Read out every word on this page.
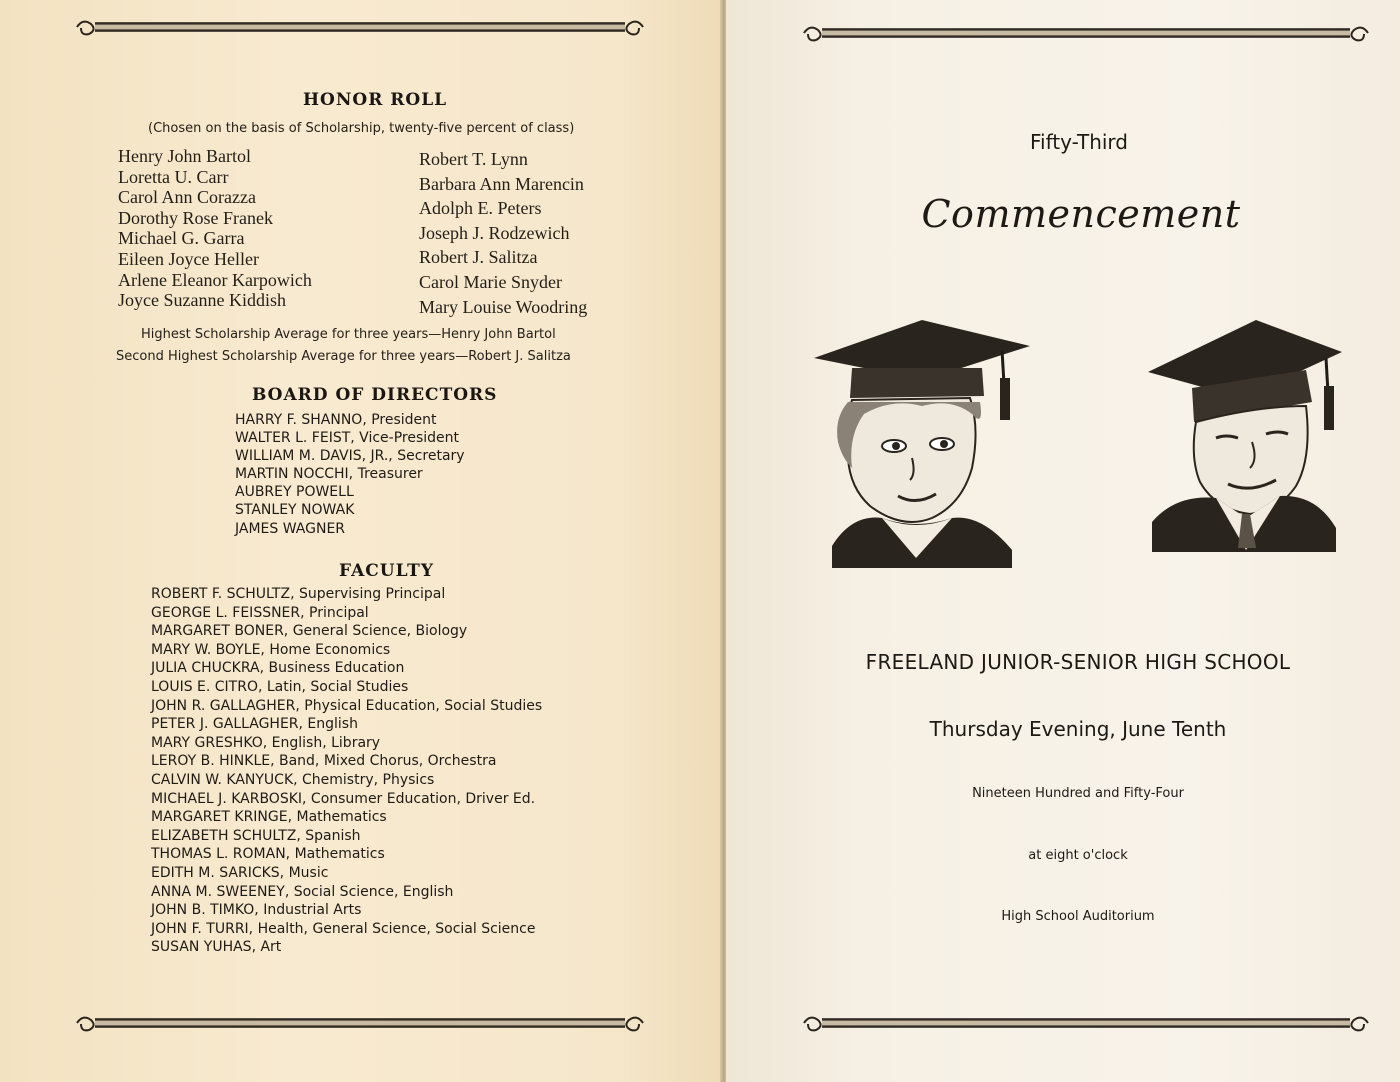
HONOR ROLL
(Chosen on the basis of Scholarship, twenty-five percent of class)
Henry John Bartol
Loretta U. Carr
Carol Ann Corazza
Dorothy Rose Franek
Michael G. Garra
Eileen Joyce Heller
Arlene Eleanor Karpowich
Joyce Suzanne Kiddish
Robert T. Lynn
Barbara Ann Marencin
Adolph E. Peters
Joseph J. Rodzewich
Robert J. Salitza
Carol Marie Snyder
Mary Louise Woodring
Highest Scholarship Average for three years—Henry John Bartol
Second Highest Scholarship Average for three years—Robert J. Salitza
BOARD OF DIRECTORS
HARRY F. SHANNO, President
WALTER L. FEIST, Vice-President
WILLIAM M. DAVIS, JR., Secretary
MARTIN NOCCHI, Treasurer
AUBREY POWELL
STANLEY NOWAK
JAMES WAGNER
FACULTY
ROBERT F. SCHULTZ, Supervising Principal
GEORGE L. FEISSNER, Principal
MARGARET BONER, General Science, Biology
MARY W. BOYLE, Home Economics
JULIA CHUCKRA, Business Education
LOUIS E. CITRO, Latin, Social Studies
JOHN R. GALLAGHER, Physical Education, Social Studies
PETER J. GALLAGHER, English
MARY GRESHKO, English, Library
LEROY B. HINKLE, Band, Mixed Chorus, Orchestra
CALVIN W. KANYUCK, Chemistry, Physics
MICHAEL J. KARBOSKI, Consumer Education, Driver Ed.
MARGARET KRINGE, Mathematics
ELIZABETH SCHULTZ, Spanish
THOMAS L. ROMAN, Mathematics
EDITH M. SARICKS, Music
ANNA M. SWEENEY, Social Science, English
JOHN B. TIMKO, Industrial Arts
JOHN F. TURRI, Health, General Science, Social Science
SUSAN YUHAS, Art
Fifty-Third
Commencement
FREELAND JUNIOR-SENIOR HIGH SCHOOL
Thursday Evening, June Tenth
Nineteen Hundred and Fifty-Four
at eight o'clock
High School Auditorium
